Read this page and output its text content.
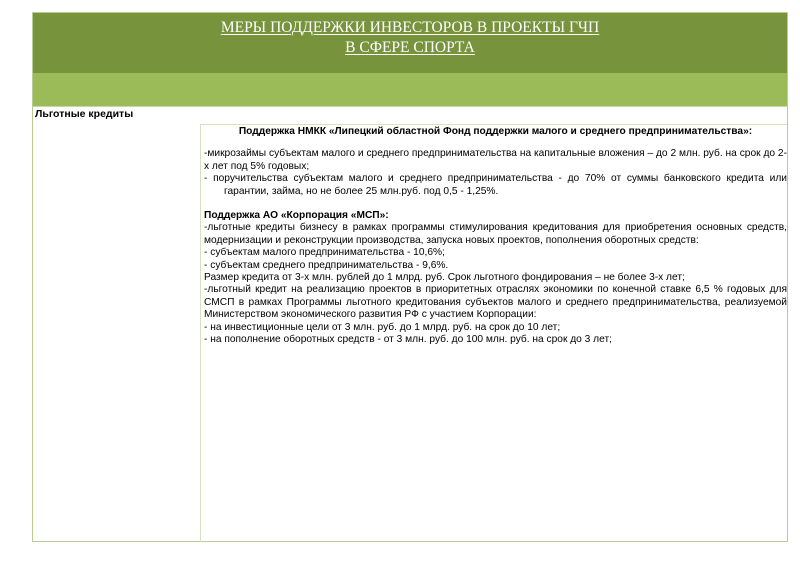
МЕРЫ ПОДДЕРЖКИ ИНВЕСТОРОВ В ПРОЕКТЫ ГЧП
В СФЕРЕ СПОРТА
Льготные кредиты

Поддержка НМКК «Липецкий областной Фонд поддержки малого и среднего предпринимательства»:

-микрозаймы субъектам малого и среднего предпринимательства на капитальные вложения – до 2 млн. руб. на срок до 2-х лет под 5% годовых;

- поручительства субъектам малого и среднего предпринимательства - до 70% от суммы банковского кредита или гарантии, займа, но не более 25 млн.руб. под 0,5 - 1,25%.

Поддержка АО «Корпорация «МСП»:

-льготные кредиты бизнесу в рамках программы стимулирования кредитования для приобретения основных средств, модернизации и реконструкции производства, запуска новых проектов, пополнения оборотных средств:

- субъектам малого предпринимательства - 10,6%;

- субъектам среднего предпринимательства - 9,6%.

Размер кредита от 3-х млн. рублей до 1 млрд. руб. Срок льготного фондирования – не более 3-х лет;

-льготный кредит на реализацию проектов в приоритетных отраслях экономики по конечной ставке 6,5 % годовых для СМСП в рамках Программы льготного кредитования субъектов малого и среднего предпринимательства, реализуемой Министерством экономического развития РФ с участием Корпорации:

- на инвестиционные цели от 3 млн. руб. до 1 млрд. руб. на срок до 10 лет;

- на пополнение оборотных средств - от 3 млн. руб. до 100 млн. руб. на срок до 3 лет;
